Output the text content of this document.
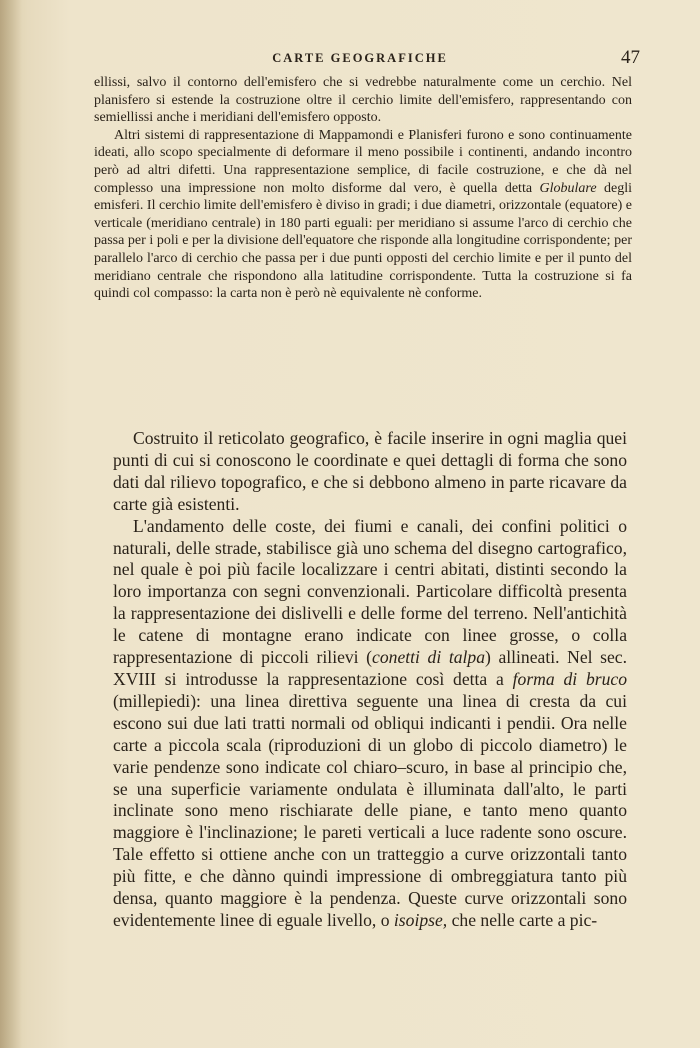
CARTE GEOGRAFICHE	47

ellissi, salvo il contorno dell'emisfero che si vedrebbe naturalmente come un cerchio. Nel planisfero si estende la costruzione oltre il cerchio limite dell'emisfero, rappresentando con semiellissi anche i meridiani dell'emisfero opposto.

Altri sistemi di rappresentazione di Mappamondi e Planisferi furono e sono continuamente ideati, allo scopo specialmente di deformare il meno possibile i continenti, andando incontro però ad altri difetti. Una rappresentazione semplice, di facile costruzione, e che dà nel complesso una impressione non molto disforme dal vero, è quella detta Globulare degli emisferi. Il cerchio limite dell'emisfero è diviso in gradi; i due diametri, orizzontale (equatore) e verticale (meridiano centrale) in 180 parti eguali: per meridiano si assume l'arco di cerchio che passa per i poli e per la divisione dell'equatore che risponde alla longitudine corrispondente; per parallelo l'arco di cerchio che passa per i due punti opposti del cerchio limite e per il punto del meridiano centrale che rispondono alla latitudine corrispondente. Tutta la costruzione si fa quindi col compasso: la carta non è però nè equivalente nè conforme.

Costruito il reticolato geografico, è facile inserire in ogni maglia quei punti di cui si conoscono le coordinate e quei dettagli di forma che sono dati dal rilievo topografico, e che si debbono almeno in parte ricavare da carte già esistenti.

L'andamento delle coste, dei fiumi e canali, dei confini politici o naturali, delle strade, stabilisce già uno schema del disegno cartografico, nel quale è poi più facile localizzare i centri abitati, distinti secondo la loro importanza con segni convenzionali. Particolare difficoltà presenta la rappresentazione dei dislivelli e delle forme del terreno. Nell'antichità le catene di montagne erano indicate con linee grosse, o colla rappresentazione di piccoli rilievi (conetti di talpa) allineati. Nel sec. XVIII si introdusse la rappresentazione così detta a forma di bruco (millepiedi): una linea direttiva seguente una linea di cresta da cui escono sui due lati tratti normali od obliqui indicanti i pendii. Ora nelle carte a piccola scala (riproduzioni di un globo di piccolo diametro) le varie pendenze sono indicate col chiaro–scuro, in base al principio che, se una superficie variamente ondulata è illuminata dall'alto, le parti inclinate sono meno rischiarate delle piane, e tanto meno quanto maggiore è l'inclinazione; le pareti verticali a luce radente sono oscure. Tale effetto si ottiene anche con un tratteggio a curve orizzontali tanto più fitte, e che dànno quindi impressione di ombreggiatura tanto più densa, quanto maggiore è la pendenza. Queste curve orizzontali sono evidentemente linee di eguale livello, o isoipse, che nelle carte a pic-
